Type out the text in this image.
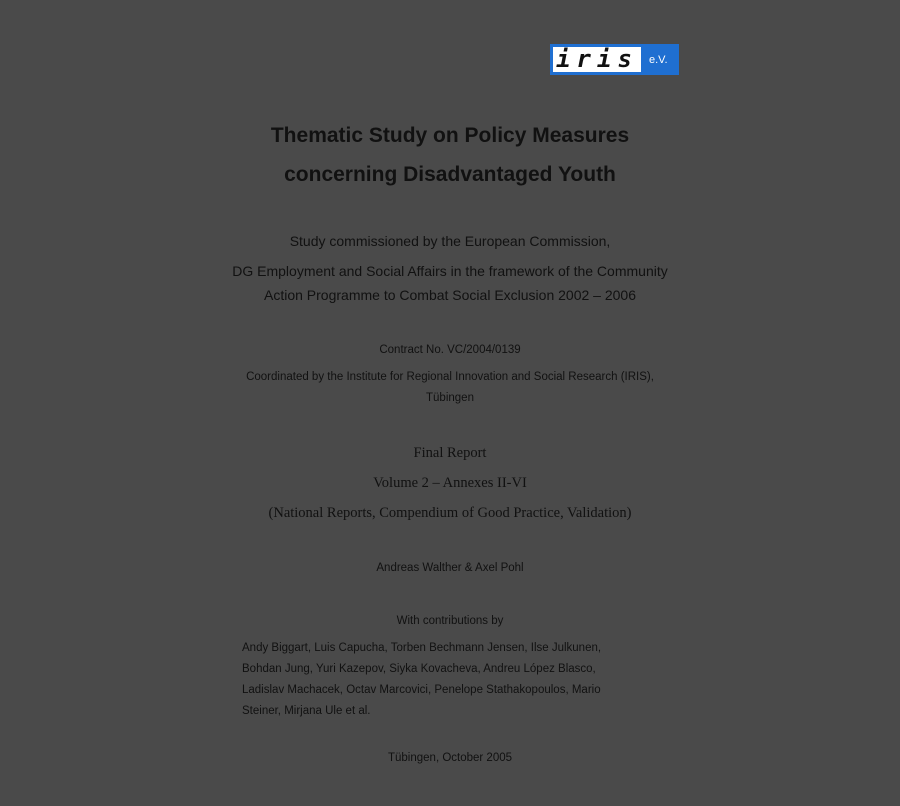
iris e.V.
Thematic Study on Policy Measures
concerning Disadvantaged Youth
Study commissioned by the European Commission,
DG Employment and Social Affairs in the framework of the Community
Action Programme to Combat Social Exclusion 2002 – 2006
Contract No. VC/2004/0139
Coordinated by the Institute for Regional Innovation and Social Research (IRIS),
Tübingen
Final Report
Volume 2 – Annexes II-VI
(National Reports, Compendium of Good Practice, Validation)
Andreas Walther & Axel Pohl
With contributions by
Andy Biggart, Luis Capucha, Torben Bechmann Jensen, Ilse Julkunen,
Bohdan Jung, Yuri Kazepov, Siyka Kovacheva, Andreu López Blasco,
Ladislav Machacek, Octav Marcovici, Penelope Stathakopoulos, Mario
Steiner, Mirjana Ule et al.
Tübingen, October 2005
